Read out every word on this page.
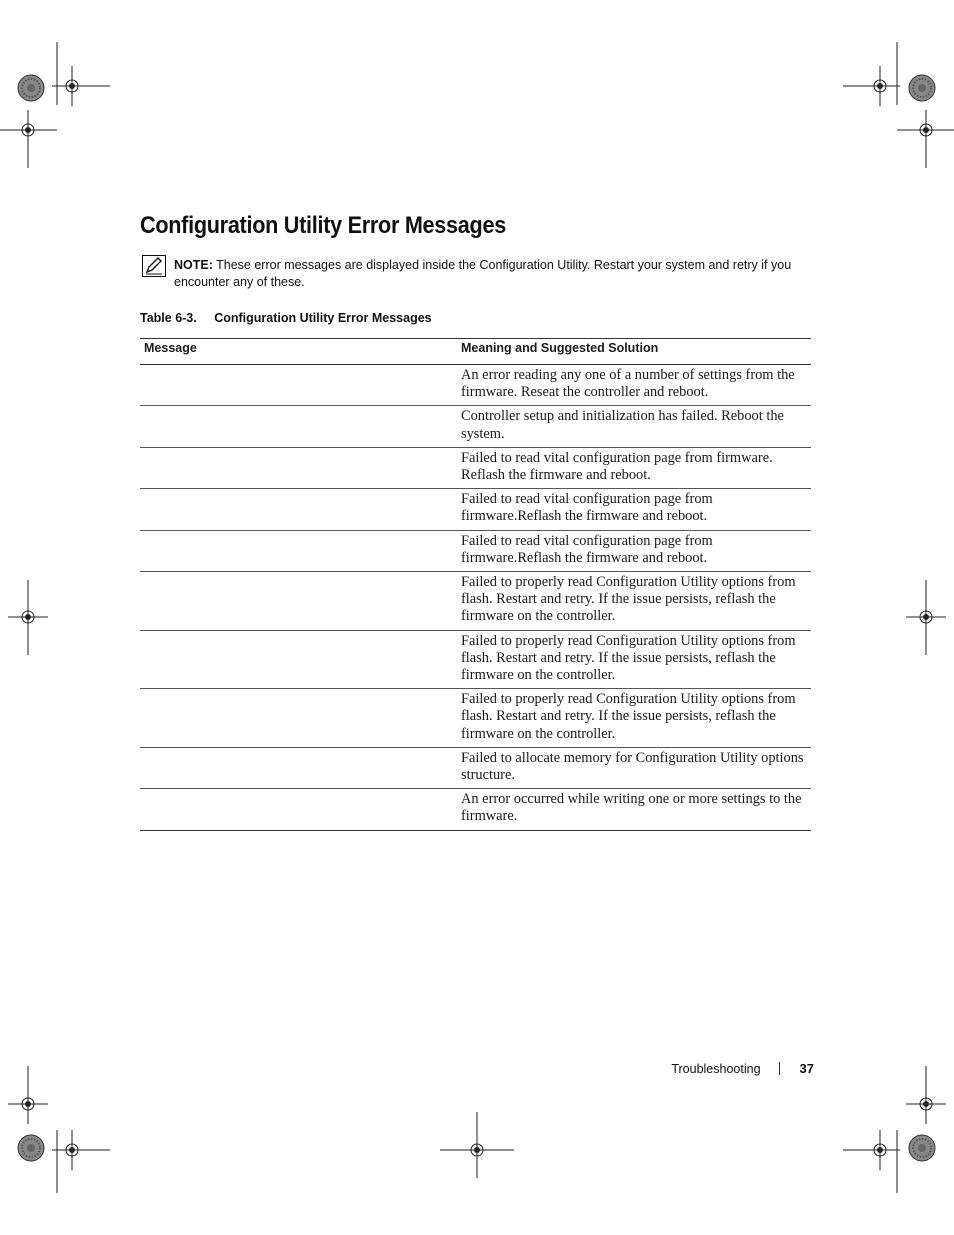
Configuration Utility Error Messages
NOTE: These error messages are displayed inside the Configuration Utility. Restart your system and retry if you encounter any of these.

Table 6-3. Configuration Utility Error Messages

Message	Meaning and Suggested Solution
	An error reading any one of a number of settings from the firmware. Reseat the controller and reboot.
	Controller setup and initialization has failed. Reboot the system.
	Failed to read vital configuration page from firmware. Reflash the firmware and reboot.
	Failed to read vital configuration page from firmware.Reflash the firmware and reboot.
	Failed to read vital configuration page from firmware.Reflash the firmware and reboot.
	Failed to properly read Configuration Utility options from flash. Restart and retry. If the issue persists, reflash the firmware on the controller.
	Failed to properly read Configuration Utility options from flash. Restart and retry. If the issue persists, reflash the firmware on the controller.
	Failed to properly read Configuration Utility options from flash. Restart and retry. If the issue persists, reflash the firmware on the controller.
	Failed to allocate memory for Configuration Utility options structure.
	An error occurred while writing one or more settings to the firmware.
Troubleshooting	37
